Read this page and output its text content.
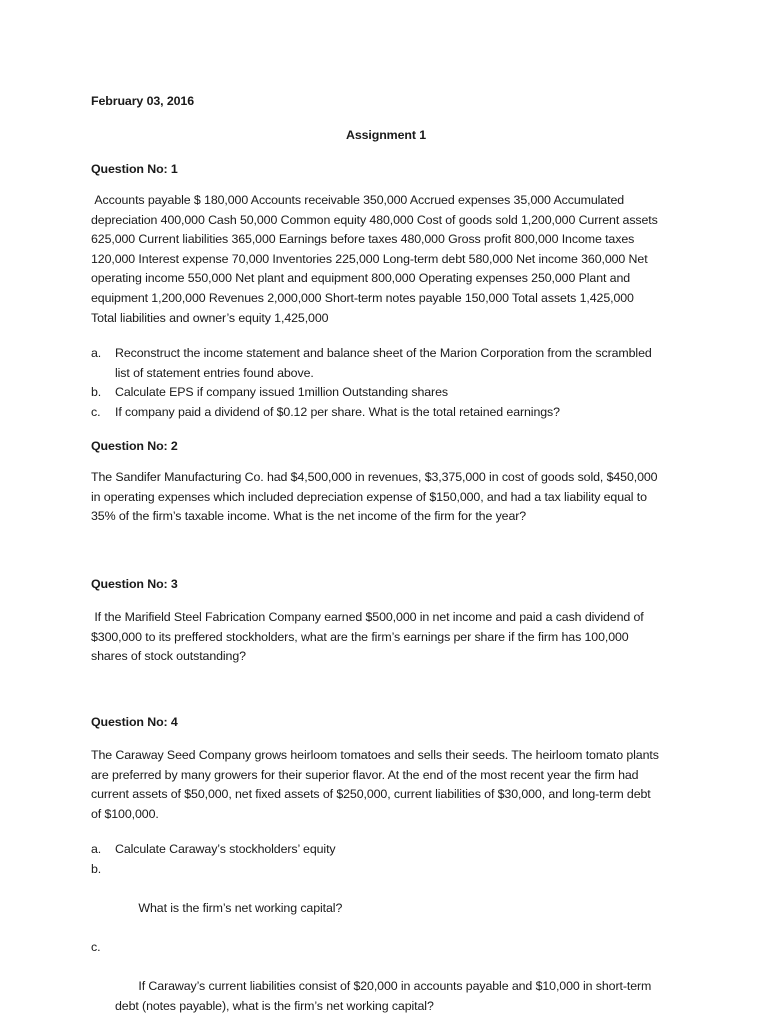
February 03, 2016

Assignment 1

Question No: 1

Accounts payable $ 180,000 Accounts receivable 350,000 Accrued expenses 35,000 Accumulated depreciation 400,000 Cash 50,000 Common equity 480,000 Cost of goods sold 1,200,000 Current assets 625,000 Current liabilities 365,000 Earnings before taxes 480,000 Gross profit 800,000 Income taxes 120,000 Interest expense 70,000 Inventories 225,000 Long-term debt 580,000 Net income 360,000 Net operating income 550,000 Net plant and equipment 800,000 Operating expenses 250,000 Plant and equipment 1,200,000 Revenues 2,000,000 Short-term notes payable 150,000 Total assets 1,425,000 Total liabilities and owner’s equity 1,425,000

a. Reconstruct the income statement and balance sheet of the Marion Corporation from the scrambled list of statement entries found above.
b. Calculate EPS if company issued 1million Outstanding shares
c. If company paid a dividend of $0.12 per share. What is the total retained earnings?

Question No: 2

The Sandifer Manufacturing Co. had $4,500,000 in revenues, $3,375,000 in cost of goods sold, $450,000 in operating expenses which included depreciation expense of $150,000, and had a tax liability equal to 35% of the firm’s taxable income. What is the net income of the firm for the year?

Question No: 3

If the Marifield Steel Fabrication Company earned $500,000 in net income and paid a cash dividend of $300,000 to its preffered stockholders, what are the firm’s earnings per share if the firm has 100,000 shares of stock outstanding?

Question No: 4

The Caraway Seed Company grows heirloom tomatoes and sells their seeds. The heirloom tomato plants are preferred by many growers for their superior flavor. At the end of the most recent year the firm had current assets of $50,000, net fixed assets of $250,000, current liabilities of $30,000, and long-term debt of $100,000.

a. Calculate Caraway’s stockholders’ equity

b.

What is the firm’s net working capital?

c.

If Caraway’s current liabilities consist of $20,000 in accounts payable and $10,000 in short-term debt (notes payable), what is the firm’s net working capital?
